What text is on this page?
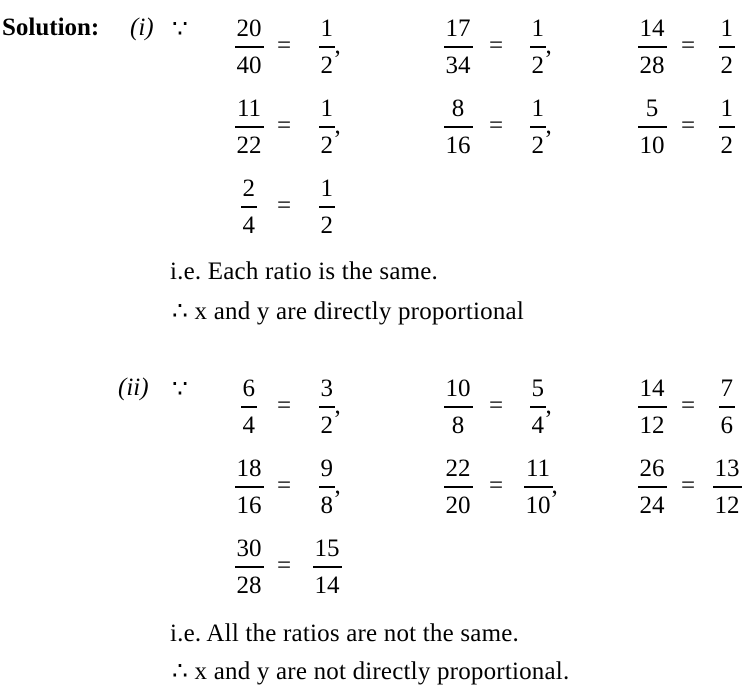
Solution: (i) ∵
(ii) ∵
20
40
=
1
2
,
17
34
=
1
2
,
14
28
=
1
2
11
22
=
1
2
,
8
16
=
1
2
,
5
10
=
1
2
2
4
=
1
2
6
4
=
3
2
,
10
8
=
5
4
,
14
12
=
7
6
18
16
=
9
8
,
22
20
=
11
10
,
26
24
=
13
12
30
28
=
15
14
i.e. Each ratio is the same.
∴ x and y are directly proportional
i.e. All the ratios are not the same.
∴ x and y are not directly proportional.
